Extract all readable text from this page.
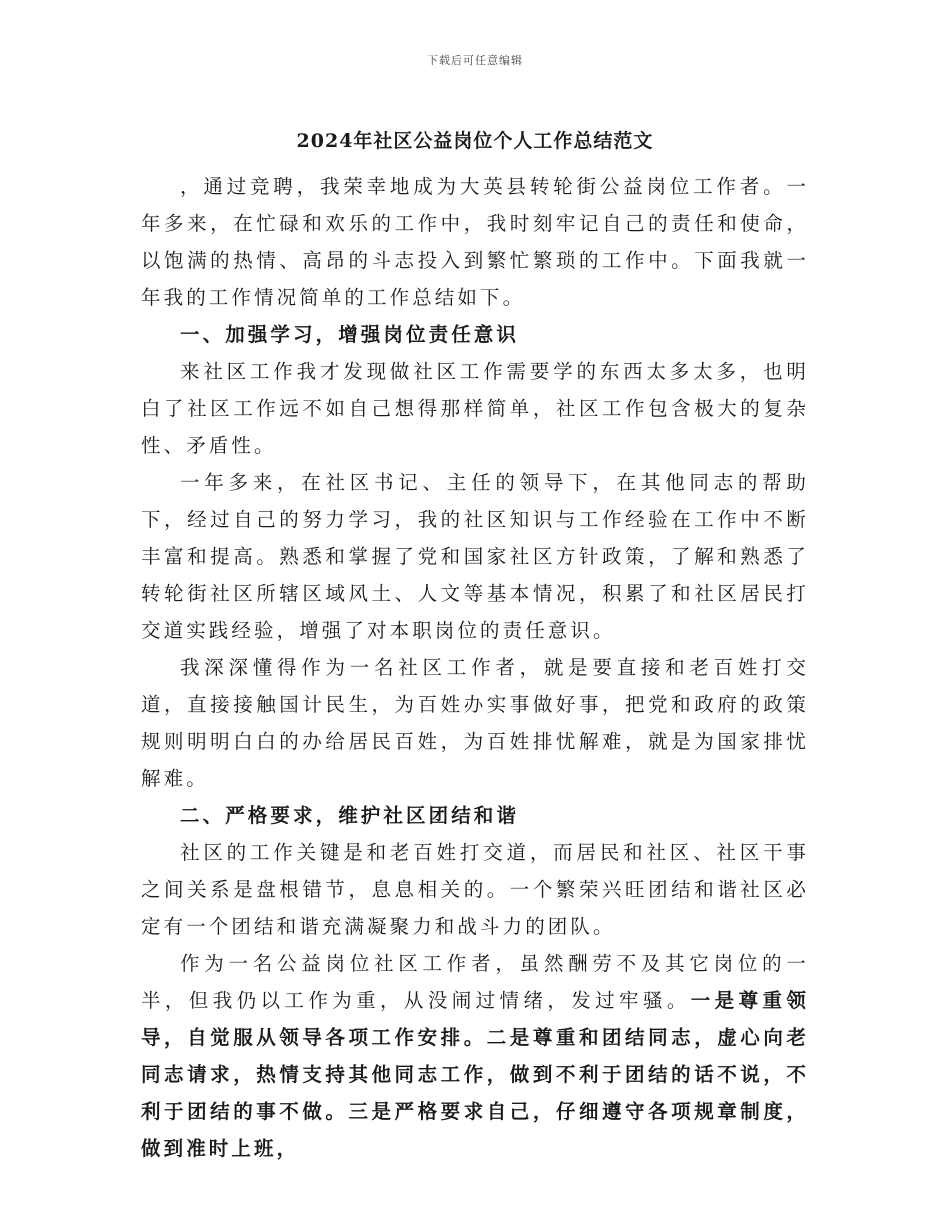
下载后可任意编辑
2024年社区公益岗位个人工作总结范文

，通过竞聘，我荣幸地成为大英县转轮街公益岗位工作者。一年多来，在忙碌和欢乐的工作中，我时刻牢记自己的责任和使命，以饱满的热情、高昂的斗志投入到繁忙繁琐的工作中。下面我就一年我的工作情况简单的工作总结如下。

一、加强学习，增强岗位责任意识

来社区工作我才发现做社区工作需要学的东西太多太多，也明白了社区工作远不如自己想得那样简单，社区工作包含极大的复杂性、矛盾性。

一年多来，在社区书记、主任的领导下，在其他同志的帮助下，经过自己的努力学习，我的社区知识与工作经验在工作中不断丰富和提高。熟悉和掌握了党和国家社区方针政策，了解和熟悉了转轮街社区所辖区域风土、人文等基本情况，积累了和社区居民打交道实践经验，增强了对本职岗位的责任意识。

我深深懂得作为一名社区工作者，就是要直接和老百姓打交道，直接接触国计民生，为百姓办实事做好事，把党和政府的政策规则明明白白的办给居民百姓，为百姓排忧解难，就是为国家排忧解难。

二、严格要求，维护社区团结和谐

社区的工作关键是和老百姓打交道，而居民和社区、社区干事之间关系是盘根错节，息息相关的。一个繁荣兴旺团结和谐社区必定有一个团结和谐充满凝聚力和战斗力的团队。

作为一名公益岗位社区工作者，虽然酬劳不及其它岗位的一半，但我仍以工作为重，从没闹过情绪，发过牢骚。一是尊重领导，自觉服从领导各项工作安排。二是尊重和团结同志，虚心向老同志请求，热情支持其他同志工作，做到不利于团结的话不说，不利于团结的事不做。三是严格要求自己，仔细遵守各项规章制度，做到准时上班，
